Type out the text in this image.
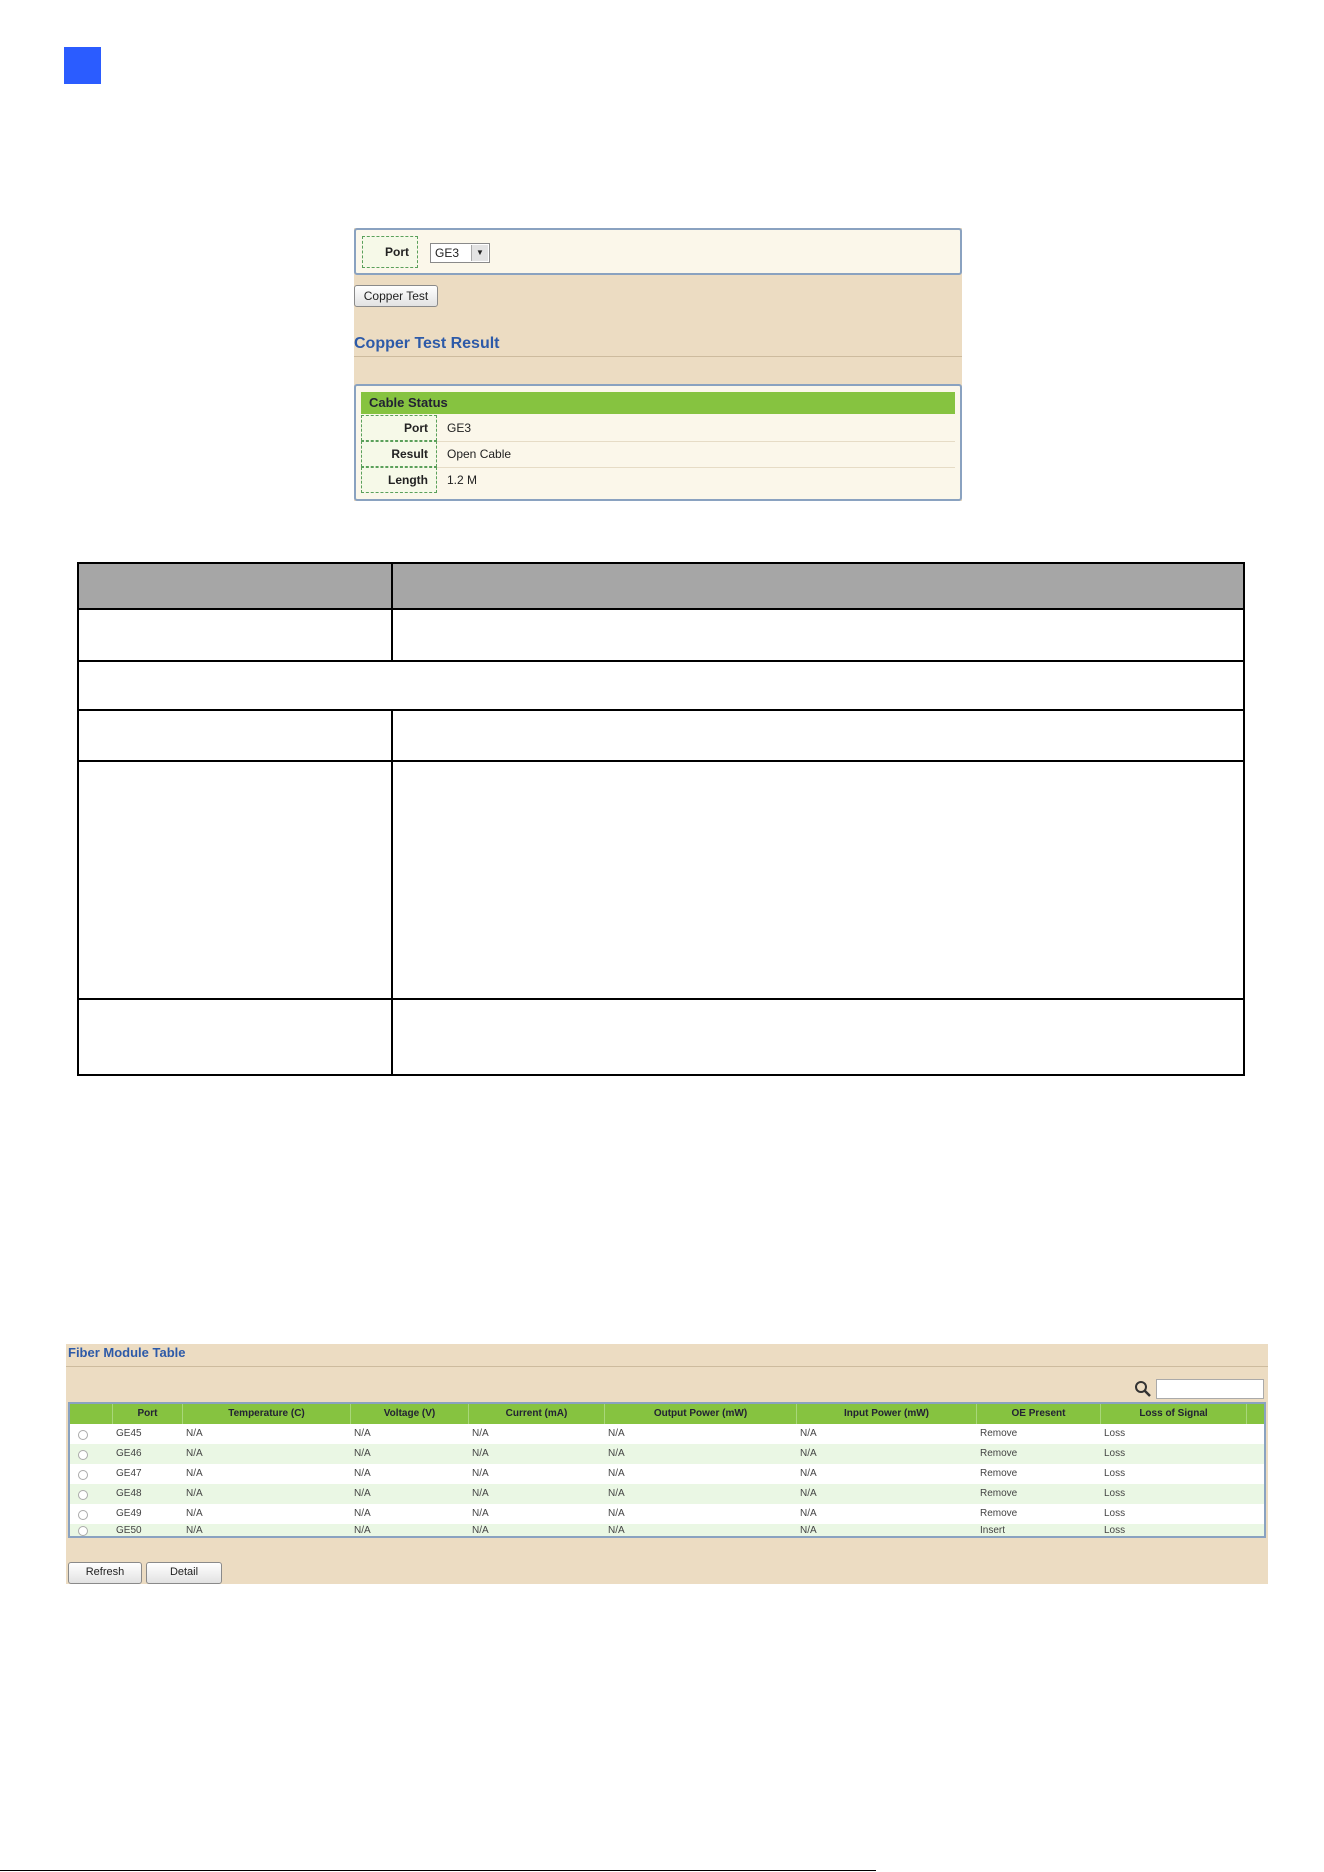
Port	GE3	▼
Copper Test
Copper Test Result
Cable Status
Port	GE3
Result	Open Cable
Length	1.2 M
Fiber Module Table
Port	Temperature (C)	Voltage (V)	Current (mA)	Output Power (mW)	Input Power (mW)	OE Present	Loss of Signal
GE45	N/A	N/A	N/A	N/A	N/A	Remove	Loss
GE46	N/A	N/A	N/A	N/A	N/A	Remove	Loss
GE47	N/A	N/A	N/A	N/A	N/A	Remove	Loss
GE48	N/A	N/A	N/A	N/A	N/A	Remove	Loss
GE49	N/A	N/A	N/A	N/A	N/A	Remove	Loss
GE50	N/A	N/A	N/A	N/A	N/A	Insert	Loss
Refresh	Detail
